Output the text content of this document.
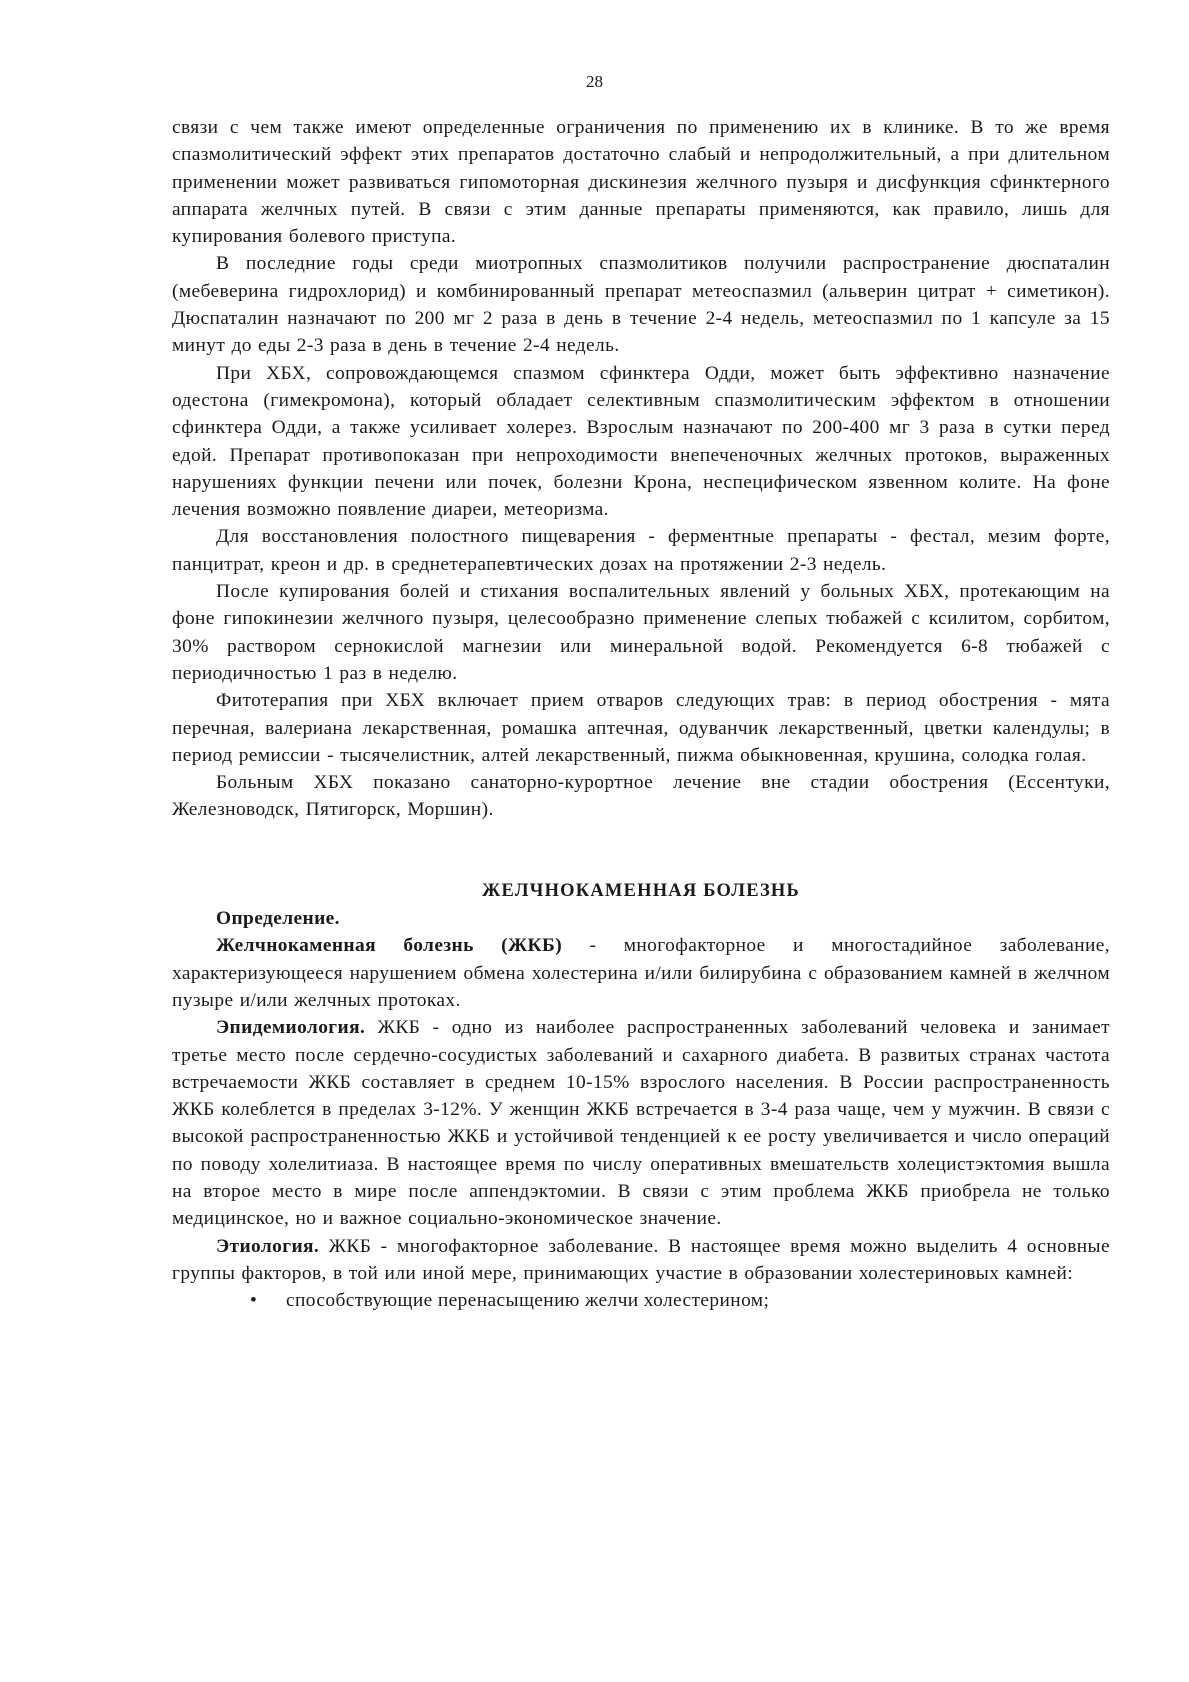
28

связи с чем также имеют определенные ограничения по применению их в клинике. В то же время спазмолитический эффект этих препаратов достаточно слабый и непродолжительный, а при длительном применении может развиваться гипомоторная дискинезия желчного пузыря и дисфункция сфинктерного аппарата желчных путей. В связи с этим данные препараты применяются, как правило, лишь для купирования болевого приступа.

В последние годы среди миотропных спазмолитиков получили распространение дюспаталин (мебеверина гидрохлорид) и комбинированный препарат метеоспазмил (альверин цитрат + симетикон). Дюспаталин назначают по 200 мг 2 раза в день в течение 2-4 недель, метеоспазмил по 1 капсуле за 15 минут до еды 2-3 раза в день в течение 2-4 недель.

При ХБХ, сопровождающемся спазмом сфинктера Одди, может быть эффективно назначение одестона (гимекромона), который обладает селективным спазмолитическим эффектом в отношении сфинктера Одди, а также усиливает холерез. Взрослым назначают по 200-400 мг 3 раза в сутки перед едой. Препарат противопоказан при непроходимости внепеченочных желчных протоков, выраженных нарушениях функции печени или почек, болезни Крона, неспецифическом язвенном колите. На фоне лечения возможно появление диареи, метеоризма.

Для восстановления полостного пищеварения - ферментные препараты - фестал, мезим форте, панцитрат, креон и др. в среднетерапевтических дозах на протяжении 2-3 недель.

После купирования болей и стихания воспалительных явлений у больных ХБХ, протекающим на фоне гипокинезии желчного пузыря, целесообразно применение слепых тюбажей с ксилитом, сорбитом, 30% раствором сернокислой магнезии или минеральной водой. Рекомендуется 6-8 тюбажей с периодичностью 1 раз в неделю.

Фитотерапия при ХБХ включает прием отваров следующих трав: в период обострения - мята перечная, валериана лекарственная, ромашка аптечная, одуванчик лекарственный, цветки календулы; в период ремиссии - тысячелистник, алтей лекарственный, пижма обыкновенная, крушина, солодка голая.

Больным ХБХ показано санаторно-курортное лечение вне стадии обострения (Ессентуки, Железноводск, Пятигорск, Моршин).

ЖЕЛЧНОКАМЕННАЯ БОЛЕЗНЬ

Определение.

Желчнокаменная болезнь (ЖКБ) - многофакторное и многостадийное заболевание, характеризующееся нарушением обмена холестерина и/или билирубина с образованием камней в желчном пузыре и/или желчных протоках.

Эпидемиология. ЖКБ - одно из наиболее распространенных заболеваний человека и занимает третье место после сердечно-сосудистых заболеваний и сахарного диабета. В развитых странах частота встречаемости ЖКБ составляет в среднем 10-15% взрослого населения. В России распространенность ЖКБ колеблется в пределах 3-12%. У женщин ЖКБ встречается в 3-4 раза чаще, чем у мужчин. В связи с высокой распространенностью ЖКБ и устойчивой тенденцией к ее росту увеличивается и число операций по поводу холелитиаза. В настоящее время по числу оперативных вмешательств холецистэктомия вышла на второе место в мире после аппендэктомии. В связи с этим проблема ЖКБ приобрела не только медицинское, но и важное социально-экономическое значение.

Этиология. ЖКБ - многофакторное заболевание. В настоящее время можно выделить 4 основные группы факторов, в той или иной мере, принимающих участие в образовании холестериновых камней:

• способствующие перенасыщению желчи холестерином;
